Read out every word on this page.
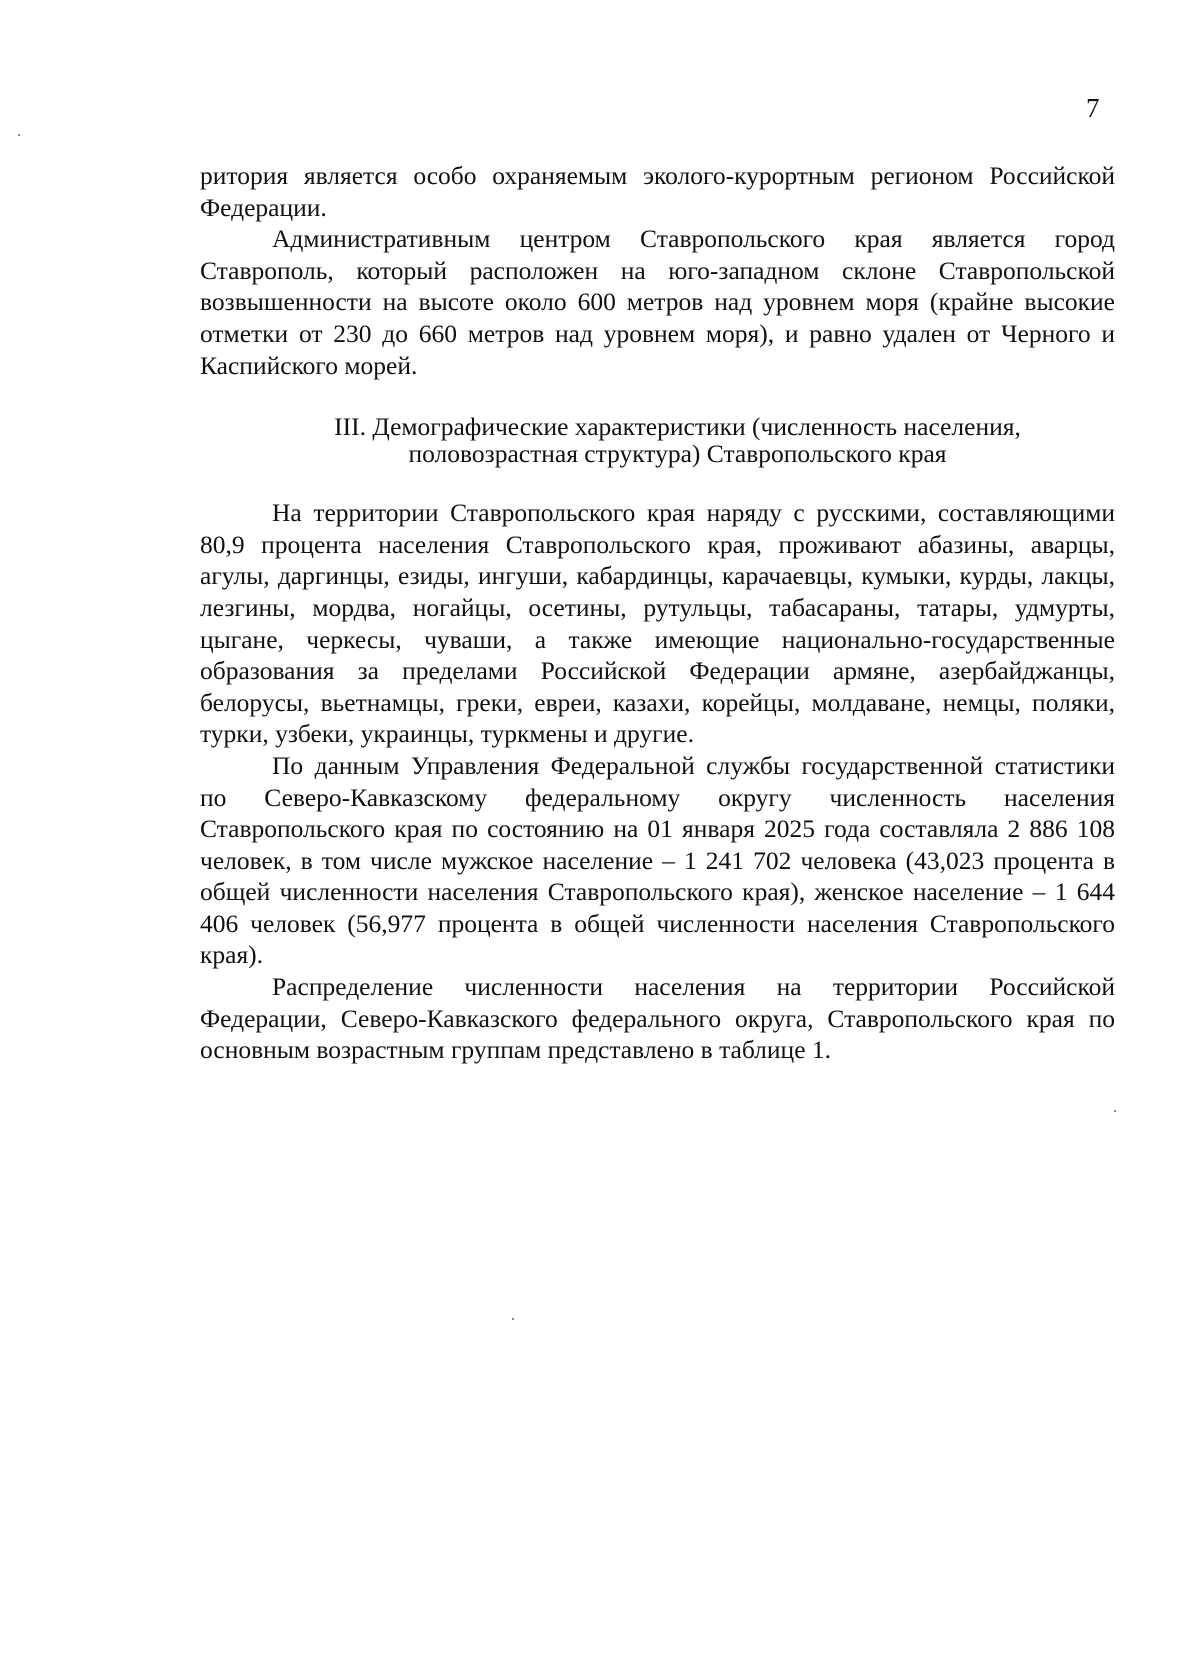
7

ритория является особо охраняемым эколого-курортным регионом Российской Федерации.

Административным центром Ставропольского края является город Ставрополь, который расположен на юго-западном склоне Ставропольской возвышенности на высоте около 600 метров над уровнем моря (крайне высокие отметки от 230 до 660 метров над уровнем моря), и равно удален от Черного и Каспийского морей.

III. Демографические характеристики (численность населения,
половозрастная структура) Ставропольского края

На территории Ставропольского края наряду с русскими, составляющими 80,9 процента населения Ставропольского края, проживают абазины, аварцы, агулы, даргинцы, езиды, ингуши, кабардинцы, карачаевцы, кумыки, курды, лакцы, лезгины, мордва, ногайцы, осетины, рутульцы, табасараны, татары, удмурты, цыгане, черкесы, чуваши, а также имеющие национально-государственные образования за пределами Российской Федерации армяне, азербайджанцы, белорусы, вьетнамцы, греки, евреи, казахи, корейцы, молдаване, немцы, поляки, турки, узбеки, украинцы, туркмены и другие.

По данным Управления Федеральной службы государственной статистики по Северо-Кавказскому федеральному округу численность населения Ставропольского края по состоянию на 01 января 2025 года составляла 2 886 108 человек, в том числе мужское население – 1 241 702 человека (43,023 процента в общей численности населения Ставропольского края), женское население – 1 644 406 человек (56,977 процента в общей численности населения Ставропольского края).

Распределение численности населения на территории Российской Федерации, Северо-Кавказского федерального округа, Ставропольского края по основным возрастным группам представлено в таблице 1.
